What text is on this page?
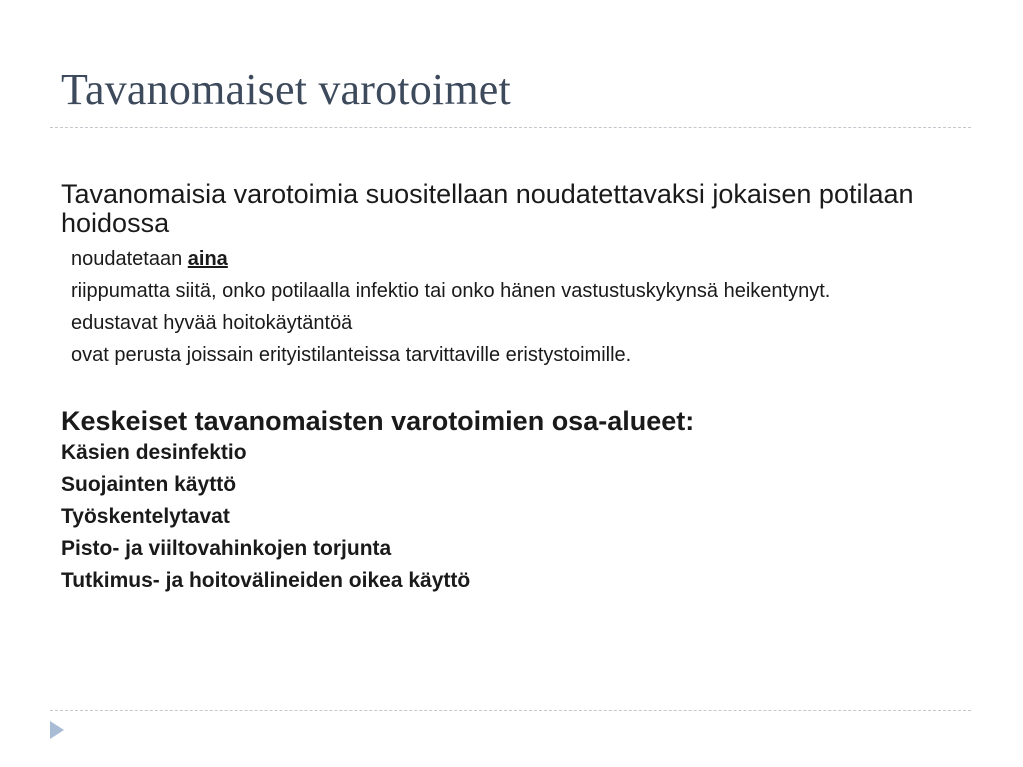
Tavanomaiset varotoimet

Tavanomaisia varotoimia suositellaan noudatettavaksi jokaisen potilaan hoidossa

noudatetaan aina
riippumatta siitä, onko potilaalla infektio tai onko hänen vastustuskykynsä heikentynyt.
edustavat hyvää hoitokäytäntöä
ovat perusta joissain erityistilanteissa tarvittaville eristystoimille.

Keskeiset tavanomaisten varotoimien osa-alueet:

Käsien desinfektio
Suojainten käyttö
Työskentelytavat
Pisto- ja viiltovahinkojen torjunta
Tutkimus- ja hoitovälineiden oikea käyttö
